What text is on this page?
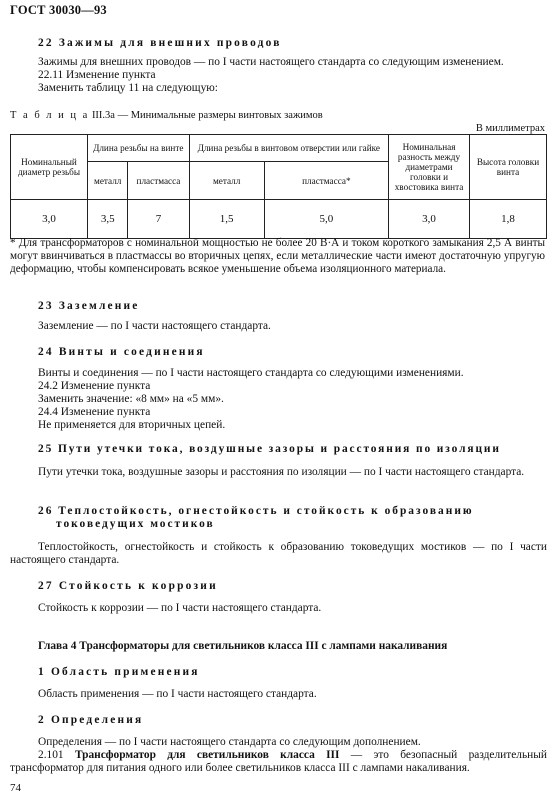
ГОСТ 30030—93
22 Зажимы для внешних проводов

Зажимы для внешних проводов — по I части настоящего стандарта со следующим изменением.

22.11 Изменение пункта

Заменить таблицу 11 на следующую:

Т а б л и ц а III.3а — Минимальные размеры винтовых зажимов
В миллиметрах
Номинальный диаметр резьбы	Длина резьбы на винте		Длина резьбы в винтовом отверстии или гайке		Номинальная разность между диаметрами головки и хвостовика винта	Высота головки винта
	металл	пластмасса	металл	пластмасса*		
3,0	3,5	7	1,5	5,0	3,0	1,8
* Для трансформаторов с номинальной мощностью не более 20 В·А и током короткого замыкания 2,5 А винты могут ввинчиваться в пластмассы во вторичных цепях, если металлические части имеют достаточную упругую деформацию, чтобы компенсировать всякое уменьшение объема изоляционного материала.
23 Заземление

Заземление — по I части настоящего стандарта.

24 Винты и соединения

Винты и соединения — по I части настоящего стандарта со следующими изменениями.

24.2 Изменение пункта

Заменить значение: «8 мм» на «5 мм».

24.4 Изменение пункта

Не применяется для вторичных цепей.

25 Пути утечки тока, воздушные зазоры и расстояния по изоляции

Пути утечки тока, воздушные зазоры и расстояния по изоляции — по I части настоящего стандарта.

26 Теплостойкость, огнестойкость и стойкость к образованию
токоведущих мостиков

Теплостойкость, огнестойкость и стойкость к образованию токоведущих мостиков — по I части настоящего стандарта.

27 Стойкость к коррозии

Стойкость к коррозии — по I части настоящего стандарта.

Глава 4 Трансформаторы для светильников класса III с лампами накаливания
1 Область применения

Область применения — по I части настоящего стандарта.

2 Определения

Определения — по I части настоящего стандарта со следующим дополнением.

2.101 Трансформатор для светильников класса III — это безопасный разделительный трансформатор для питания одного или более светильников класса III с лампами накаливания.

74
